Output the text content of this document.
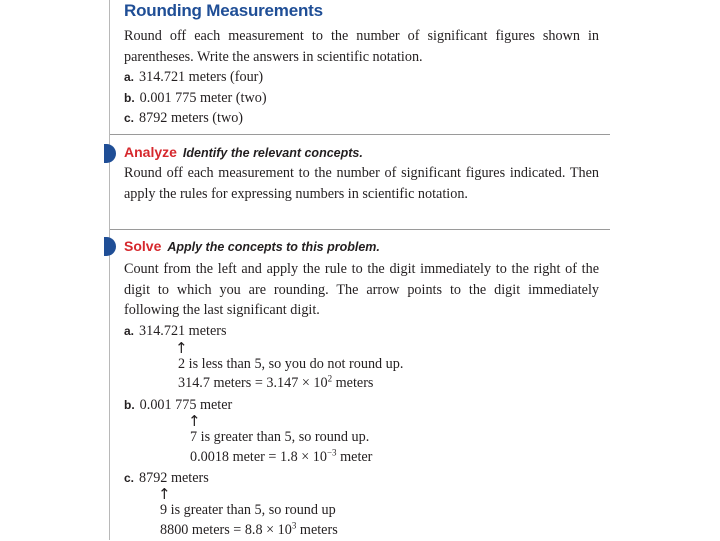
Rounding Measurements
Round off each measurement to the number of significant figures shown in parentheses. Write the answers in scientific notation.
a. 314.721 meters (four)
b. 0.001 775 meter (two)
c. 8792 meters (two)
Analyze Identify the relevant concepts.
Round off each measurement to the number of significant figures indicated. Then apply the rules for expressing numbers in scientific notation.
Solve Apply the concepts to this problem.
Count from the left and apply the rule to the digit immediately to the right of the digit to which you are rounding. The arrow points to the digit immediately following the last significant digit.
a. 314.721 meters
↑
2 is less than 5, so you do not round up.
314.7 meters = $3.147 \times 10^2$ meters
b. 0.001 775 meter
↑
7 is greater than 5, so round up.
0.0018 meter = $1.8 \times 10^{-3}$ meter
c. 8792 meters
↑
9 is greater than 5, so round up
8800 meters = $8.8 \times 10^3$ meters
